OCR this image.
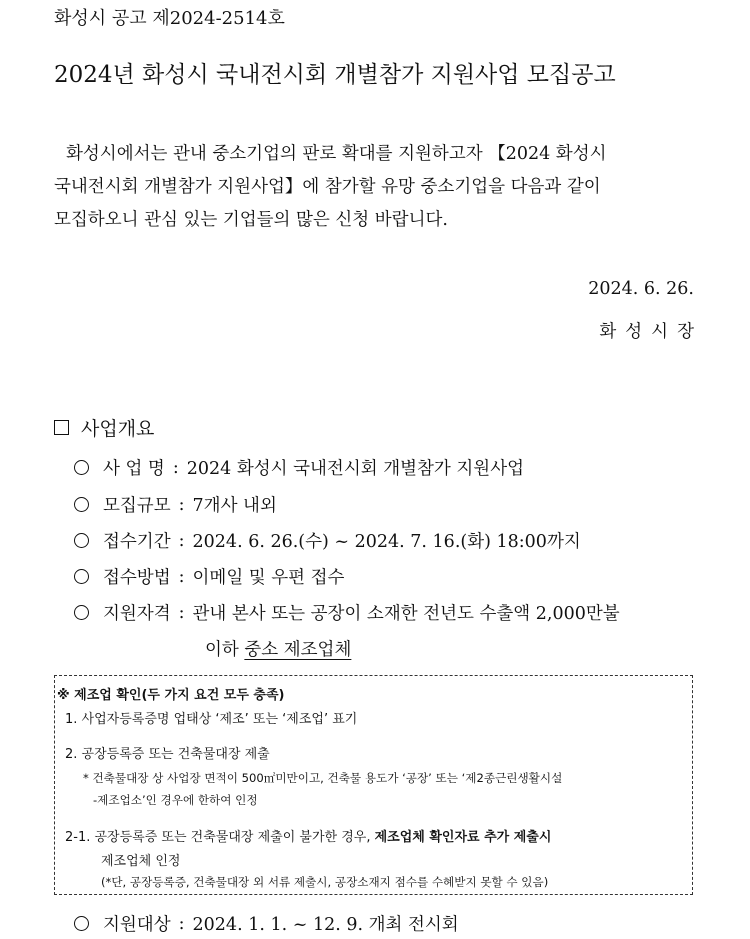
화성시 공고 제2024-2514호
2024년 화성시 국내전시회 개별참가 지원사업 모집공고
화성시에서는 관내 중소기업의 판로 확대를 지원하고자 【2024 화성시
국내전시회 개별참가 지원사업】에 참가할 유망 중소기업을 다음과 같이
모집하오니 관심 있는 기업들의 많은 신청 바랍니다.
2024. 6. 26.
화성시장
사업개요
사 업 명 : 2024 화성시 국내전시회 개별참가 지원사업
모집규모 : 7개사 내외
접수기간 : 2024. 6. 26.(수) ~ 2024. 7. 16.(화) 18:00까지
접수방법 : 이메일 및 우편 접수
지원자격 : 관내 본사 또는 공장이 소재한 전년도 수출액 2,000만불
이하 중소 제조업체
※ 제조업 확인(두 가지 요건 모두 충족)
1. 사업자등록증명 업태상 ‘제조’ 또는 ‘제조업’ 표기
2. 공장등록증 또는 건축물대장 제출
* 건축물대장 상 사업장 면적이 500㎡미만이고, 건축물 용도가 ‘공장’ 또는 ‘제2종근린생활시설
-제조업소’인 경우에 한하여 인정
2-1. 공장등록증 또는 건축물대장 제출이 불가한 경우, 제조업체 확인자료 추가 제출시
제조업체 인정
(*단, 공장등록증, 건축물대장 외 서류 제출시, 공장소재지 점수를 수혜받지 못할 수 있음)
지원대상 : 2024. 1. 1. ~ 12. 9. 개최 전시회
